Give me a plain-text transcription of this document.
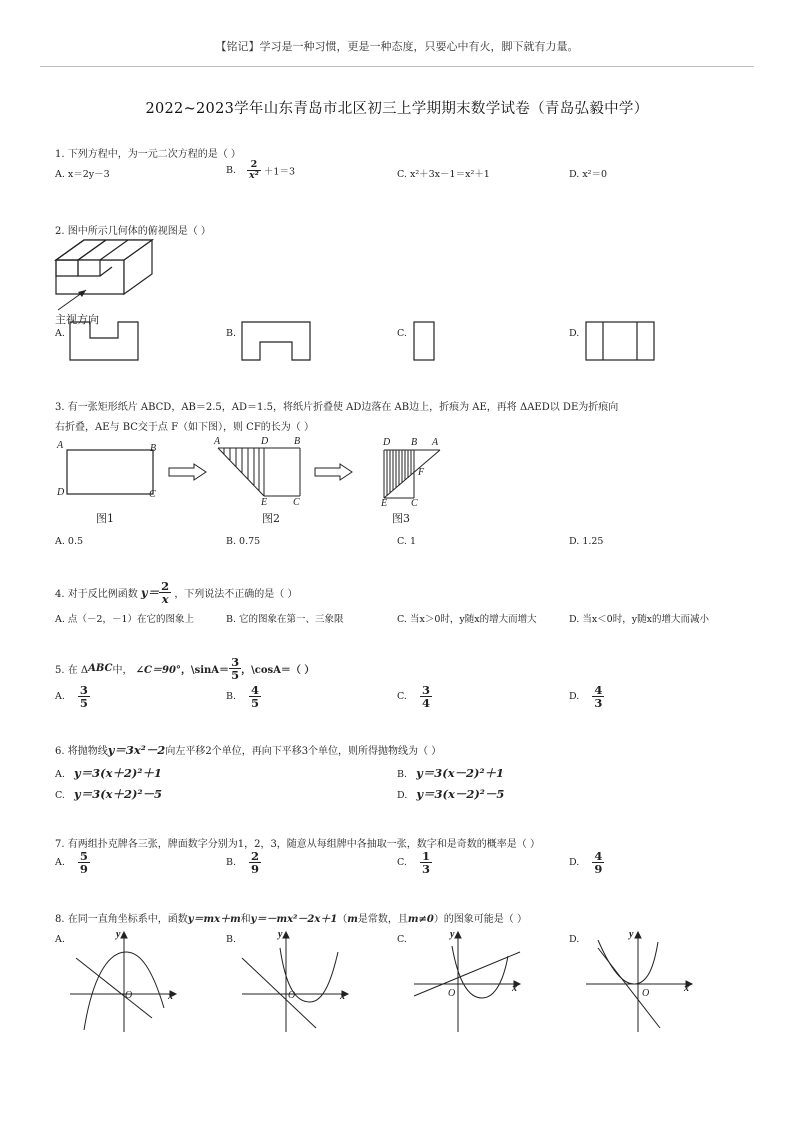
【铭记】学习是一种习惯，更是一种态度，只要心中有火，脚下就有力量。
2022~2023学年山东青岛市北区初三上学期期末数学试卷（青岛弘毅中学）
1. 下列方程中，为一元二次方程的是（ ）
A. x＝2y－3	B. $\frac{2}{\text{x²}} +1=3$	C. x²＋3x－1＝x²＋1	D. x²＝0
2. 图中所示几何体的俯视图是（ ）
主视方向
A.	B.	C.	D.
3. 有一张矩形纸片 ABCD，AB＝2.5，AD＝1.5，将纸片折叠使 AD边落在 AB边上，折痕为 AE，再将 ΔAED以 DE为折痕向
右折叠，AE与 BC交于点 F（如下图），则 CF的长为（ ）
A	B
D	C
图1
A	D	B
E	C
图2
D B A
F
E C
图3
A. 0.5	B. 0.75	C. 1	D. 1.25
4. 对于反比例函数 $y= \frac{2}{x}$ ，下列说法不正确的是（ ）
A. 点（－2，－1）在它的图象上	B. 它的图象在第一、三象限	C. 当x＞0时，y随x的增大而增大	D. 当x＜0时，y随x的增大而减小
5. 在 ΔABC中， ∠C＝90°，\sinA＝ $\frac{3}{5}$ ，\cosA＝（ ）
A. $\frac{3}{5}$	B. $\frac{4}{5}$	C. $\frac{3}{4}$	D. $\frac{4}{3}$
6. 将抛物线y＝3x²－2向左平移2个单位，再向下平移3个单位，则所得抛物线为（ ）
A. y＝3(x＋2)²＋1	B. y＝3(x－2)²＋1
C. y＝3(x＋2)²－5	D. y＝3(x－2)²－5
7. 有两组扑克牌各三张，牌面数字分别为1，2，3，随意从每组牌中各抽取一张，数字和是奇数的概率是（ ）
A. $\frac{5}{9}$	B. $\frac{2}{9}$	C. $\frac{1}{3}$	D. $\frac{4}{9}$
8. 在同一直角坐标系中，函数y＝mx＋m和y＝－mx²－2x＋1（m是常数，且m≠0）的图象可能是（ ）
A.	y
x
O
B.	y
x
O
C.	y
x
O
D.	y
x
O
